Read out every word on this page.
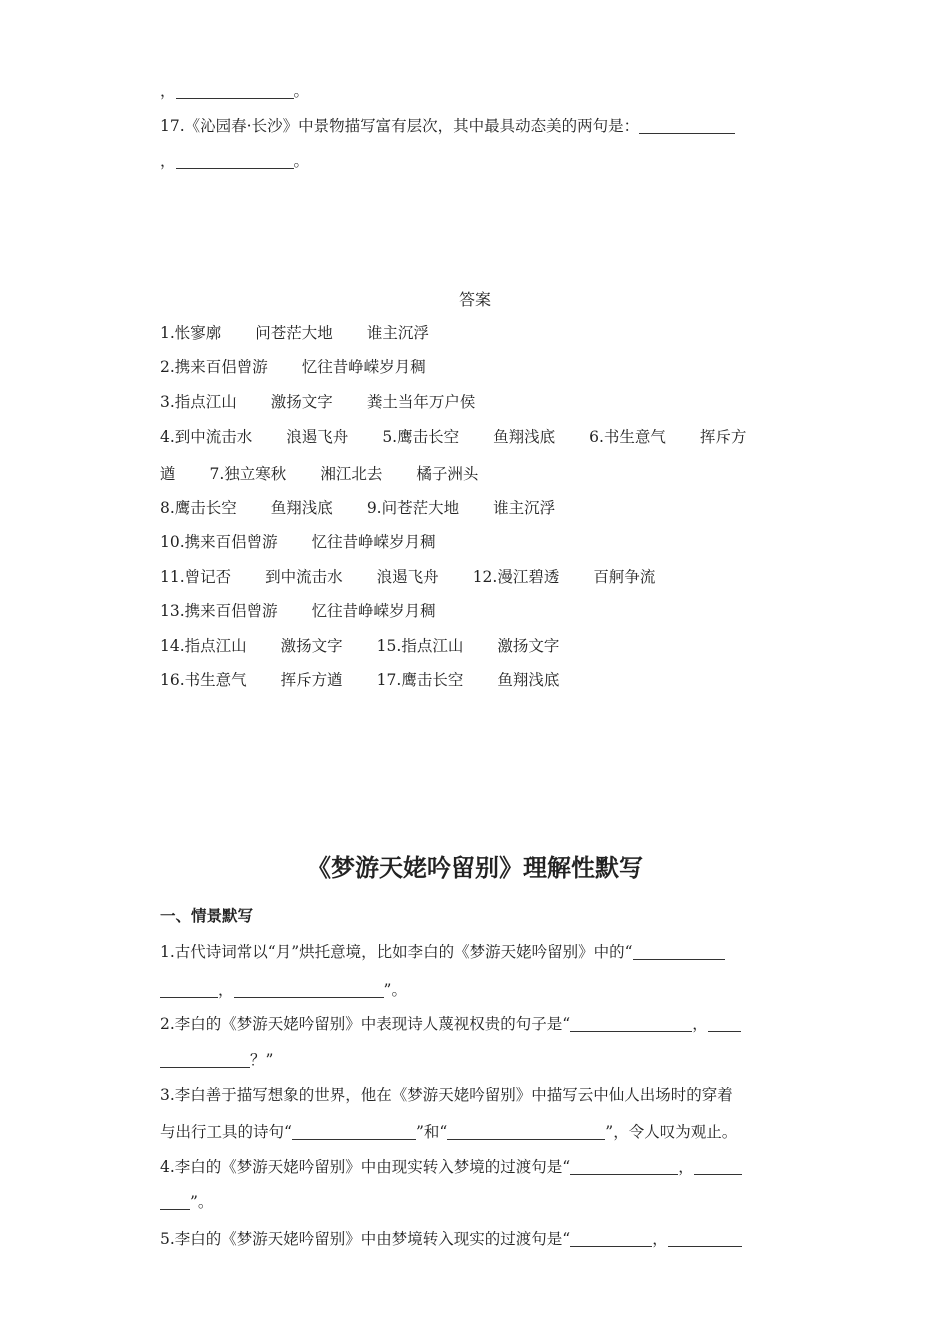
，	。
17.《沁园春·长沙》中景物描写富有层次，其中最具动态美的两句是：
，	。
答案
1.怅寥廓 问苍茫大地 谁主沉浮
2.携来百侣曾游 忆往昔峥嵘岁月稠
3.指点江山 激扬文字 粪土当年万户侯
4.到中流击水 浪遏飞舟 5.鹰击长空 鱼翔浅底 6.书生意气 挥斥方
遒 7.独立寒秋 湘江北去 橘子洲头
8.鹰击长空 鱼翔浅底 9.问苍茫大地 谁主沉浮
10.携来百侣曾游 忆往昔峥嵘岁月稠
11.曾记否 到中流击水 浪遏飞舟 12.漫江碧透 百舸争流
13.携来百侣曾游 忆往昔峥嵘岁月稠
14.指点江山 激扬文字 15.指点江山 激扬文字
16.书生意气 挥斥方遒 17.鹰击长空 鱼翔浅底
《梦游天姥吟留别》理解性默写
一、情景默写
1.古代诗词常以“月”烘托意境，比如李白的《梦游天姥吟留别》中的“
，	”。
2.李白的《梦游天姥吟留别》中表现诗人蔑视权贵的句子是“	，
？”
3.李白善于描写想象的世界，他在《梦游天姥吟留别》中描写云中仙人出场时的穿着
与出行工具的诗句“	”和“	”，令人叹为观止。
4.李白的《梦游天姥吟留别》中由现实转入梦境的过渡句是“	，
”。
5.李白的《梦游天姥吟留别》中由梦境转入现实的过渡句是“	，
